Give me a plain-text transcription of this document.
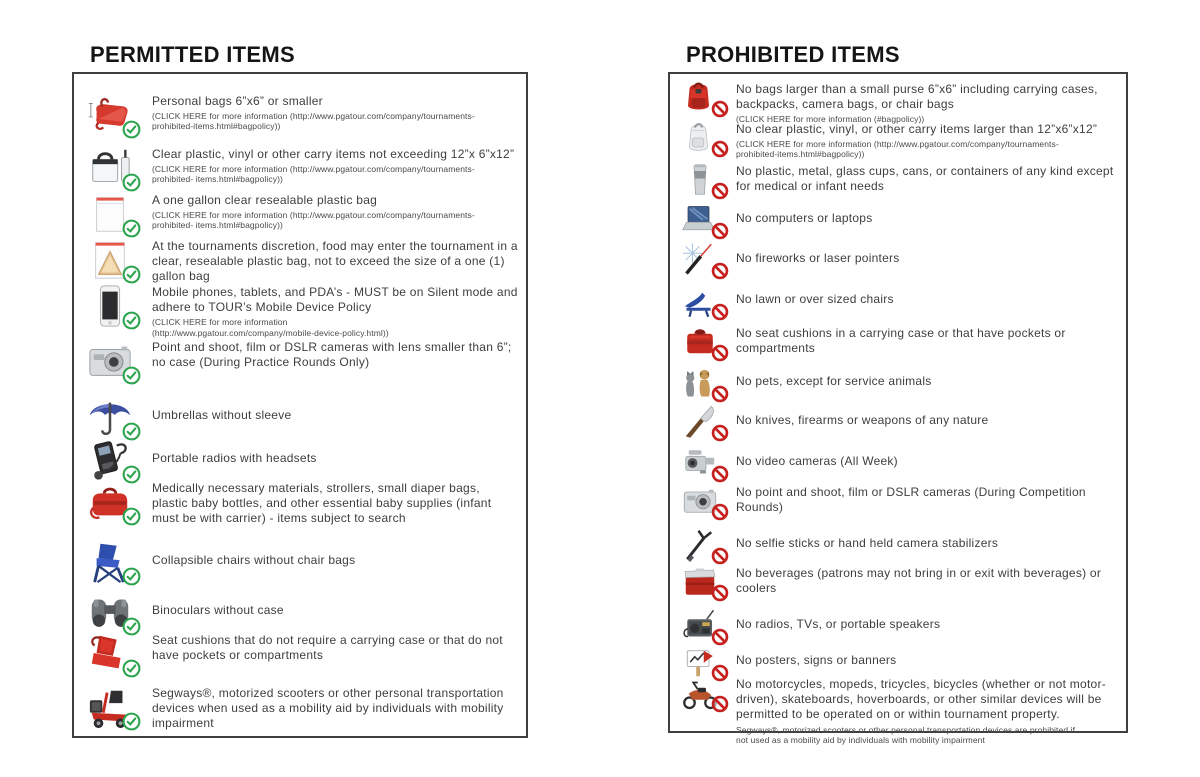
PERMITTED ITEMS	PROHIBITED ITEMS
Personal bags 6”x6” or smaller
(CLICK HERE for more information (http://www.pgatour.com/company/tournaments-prohibited-items.html#bagpolicy))
Clear plastic, vinyl or other carry items not exceeding 12”x 6”x12”
(CLICK HERE for more information (http://www.pgatour.com/company/tournaments-prohibited- items.html#bagpolicy))
A one gallon clear resealable plastic bag
(CLICK HERE for more information (http://www.pgatour.com/company/tournaments-prohibited- items.html#bagpolicy))
At the tournaments discretion, food may enter the tournament in a clear, resealable plastic bag, not to exceed the size of a one (1) gallon bag
Mobile phones, tablets, and PDA’s - MUST be on Silent mode and adhere to TOUR’s Mobile Device Policy
(CLICK HERE for more information (http://www.pgatour.com/company/mobile-device-policy.html))
Point and shoot, film or DSLR cameras with lens smaller than 6”; no case (During Practice Rounds Only)
Umbrellas without sleeve
Portable radios with headsets
Medically necessary materials, strollers, small diaper bags, plastic baby bottles, and other essential baby supplies (infant must be with carrier) - items subject to search
Collapsible chairs without chair bags
Binoculars without case
Seat cushions that do not require a carrying case or that do not have pockets or compartments
Segways®, motorized scooters or other personal transportation devices when used as a mobility aid by individuals with mobility impairment
No bags larger than a small purse 6”x6” including carrying cases, backpacks, camera bags, or chair bags
(CLICK HERE for more information (#bagpolicy))
No clear plastic, vinyl, or other carry items larger than 12”x6”x12”
(CLICK HERE for more information (http://www.pgatour.com/company/tournaments-prohibited-items.html#bagpolicy))
No plastic, metal, glass cups, cans, or containers of any kind except for medical or infant needs
No computers or laptops
No fireworks or laser pointers
No lawn or over sized chairs
No seat cushions in a carrying case or that have pockets or compartments
No pets, except for service animals
No knives, firearms or weapons of any nature
No video cameras (All Week)
No point and shoot, film or DSLR cameras (During Competition Rounds)
No selfie sticks or hand held camera stabilizers
No beverages (patrons may not bring in or exit with beverages) or coolers
No radios, TVs, or portable speakers
No posters, signs or banners
No motorcycles, mopeds, tricycles, bicycles (whether or not motor-driven), skateboards, hoverboards, or other similar devices will be permitted to be operated on or within tournament property.
Segways®, motorized scooters or other personal transportation devices are prohibited if not used as a mobility aid by individuals with mobility impairment
